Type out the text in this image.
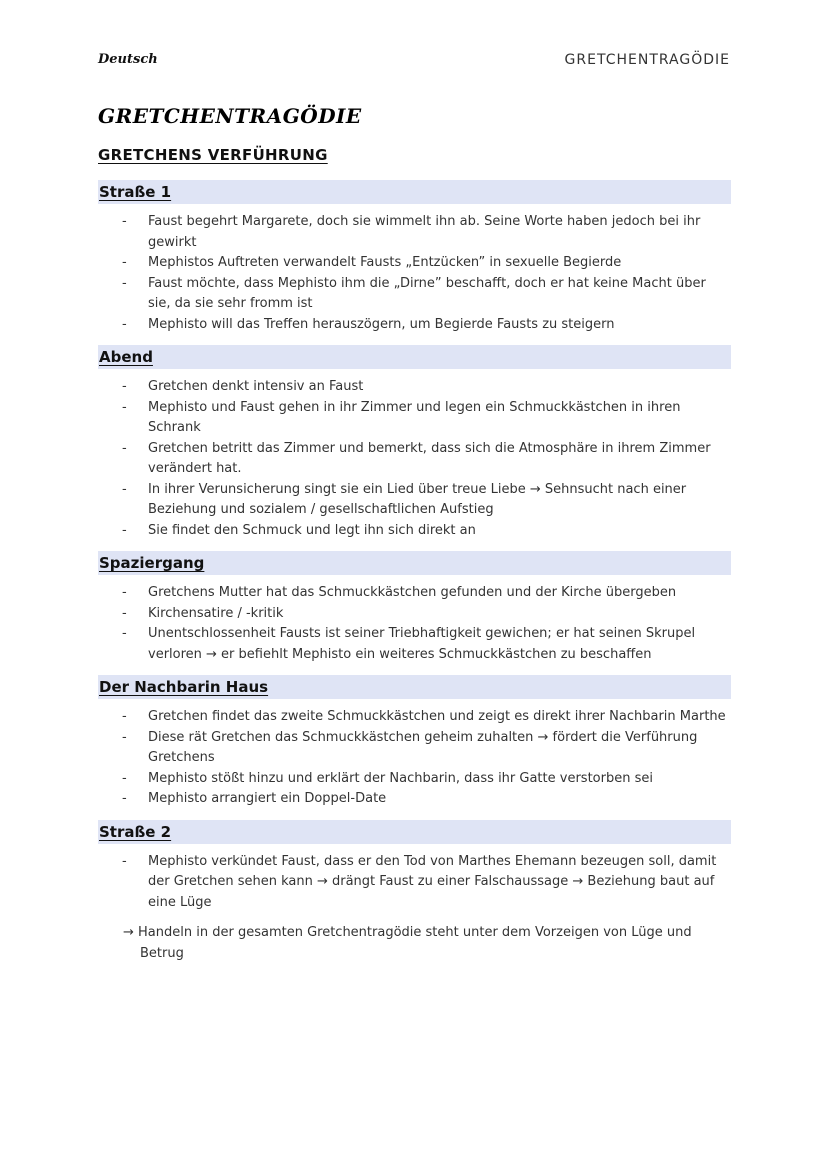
Deutsch	GRETCHENTRAGÖDIE
GRETCHENTRAGÖDIE
GRETCHENS VERFÜHRUNG
Straße 1
- Faust begehrt Margarete, doch sie wimmelt ihn ab. Seine Worte haben jedoch bei ihr gewirkt
- Mephistos Auftreten verwandelt Fausts „Entzücken” in sexuelle Begierde
- Faust möchte, dass Mephisto ihm die „Dirne” beschafft, doch er hat keine Macht über sie, da sie sehr fromm ist
- Mephisto will das Treffen herauszögern, um Begierde Fausts zu steigern
Abend
- Gretchen denkt intensiv an Faust
- Mephisto und Faust gehen in ihr Zimmer und legen ein Schmuckkästchen in ihren Schrank
- Gretchen betritt das Zimmer und bemerkt, dass sich die Atmosphäre in ihrem Zimmer verändert hat.
- In ihrer Verunsicherung singt sie ein Lied über treue Liebe → Sehnsucht nach einer Beziehung und sozialem / gesellschaftlichen Aufstieg
- Sie findet den Schmuck und legt ihn sich direkt an
Spaziergang
- Gretchens Mutter hat das Schmuckkästchen gefunden und der Kirche übergeben
- Kirchensatire / -kritik
- Unentschlossenheit Fausts ist seiner Triebhaftigkeit gewichen; er hat seinen Skrupel verloren → er befiehlt Mephisto ein weiteres Schmuckkästchen zu beschaffen
Der Nachbarin Haus
- Gretchen findet das zweite Schmuckkästchen und zeigt es direkt ihrer Nachbarin Marthe
- Diese rät Gretchen das Schmuckkästchen geheim zuhalten → fördert die Verführung Gretchens
- Mephisto stößt hinzu und erklärt der Nachbarin, dass ihr Gatte verstorben sei
- Mephisto arrangiert ein Doppel-Date
Straße 2
- Mephisto verkündet Faust, dass er den Tod von Marthes Ehemann bezeugen soll, damit der Gretchen sehen kann → drängt Faust zu einer Falschaussage → Beziehung baut auf eine Lüge

→ Handeln in der gesamten Gretchentragödie steht unter dem Vorzeigen von Lüge und Betrug
